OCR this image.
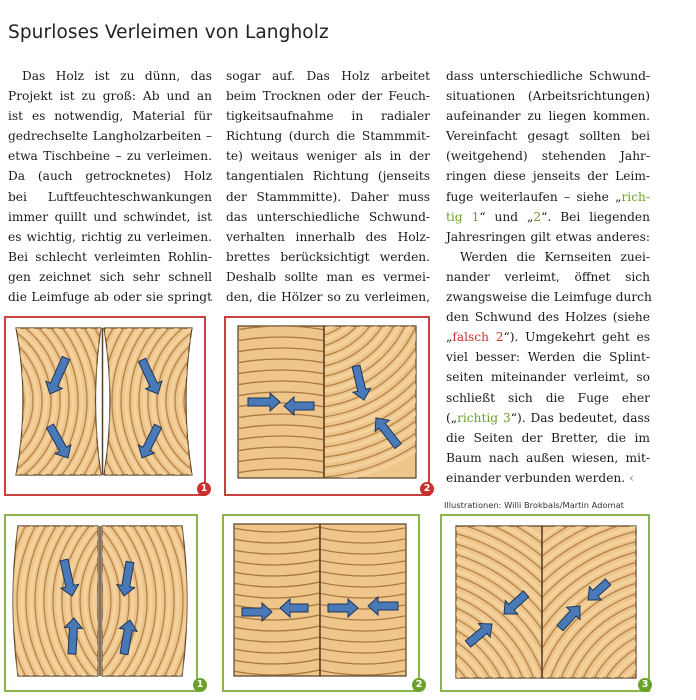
Spurloses Verleimen von Langholz
Das Holz ist zu dünn, das
Projekt ist zu groß: Ab und an
ist es notwendig, Material für
gedrechselte Langholzarbeiten –
etwa Tischbeine – zu verleimen.
Da (auch getrocknetes) Holz
bei Luftfeuchteschwankungen
immer quillt und schwindet, ist
es wichtig, richtig zu verleimen.
Bei schlecht verleimten Rohlin-
gen zeichnet sich sehr schnell
die Leimfuge ab oder sie springt
sogar auf. Das Holz arbeitet
beim Trocknen oder der Feuch-
tigkeitsaufnahme in radialer
Richtung (durch die Stammmit-
te) weitaus weniger als in der
tangentialen Richtung (jenseits
der Stammmitte). Daher muss
das unterschiedliche Schwund-
verhalten innerhalb des Holz-
brettes berücksichtigt werden.
Deshalb sollte man es vermei-
den, die Hölzer so zu verleimen,
dass unterschiedliche Schwund-
situationen (Arbeitsrichtungen)
aufeinander zu liegen kommen.
Vereinfacht gesagt sollten bei
(weitgehend) stehenden Jahr-
ringen diese jenseits der Leim-
fuge weiterlaufen – siehe „rich-
tig 1“ und „2“. Bei liegenden
Jahresringen gilt etwas anderes:
Werden die Kernseiten zuei-
nander verleimt, öffnet sich
zwangsweise die Leimfuge durch
den Schwund des Holzes (siehe
„falsch 2“). Umgekehrt geht es
viel besser: Werden die Splint-
seiten miteinander verleimt, so
schließt sich die Fuge eher
(„richtig 3“). Das bedeutet, dass
die Seiten der Bretter, die im
Baum nach außen wiesen, mit-
einander verbunden werden. ‹
Illustrationen: Willi Brokbals/Martin Adomat
1	2
1	2	3
